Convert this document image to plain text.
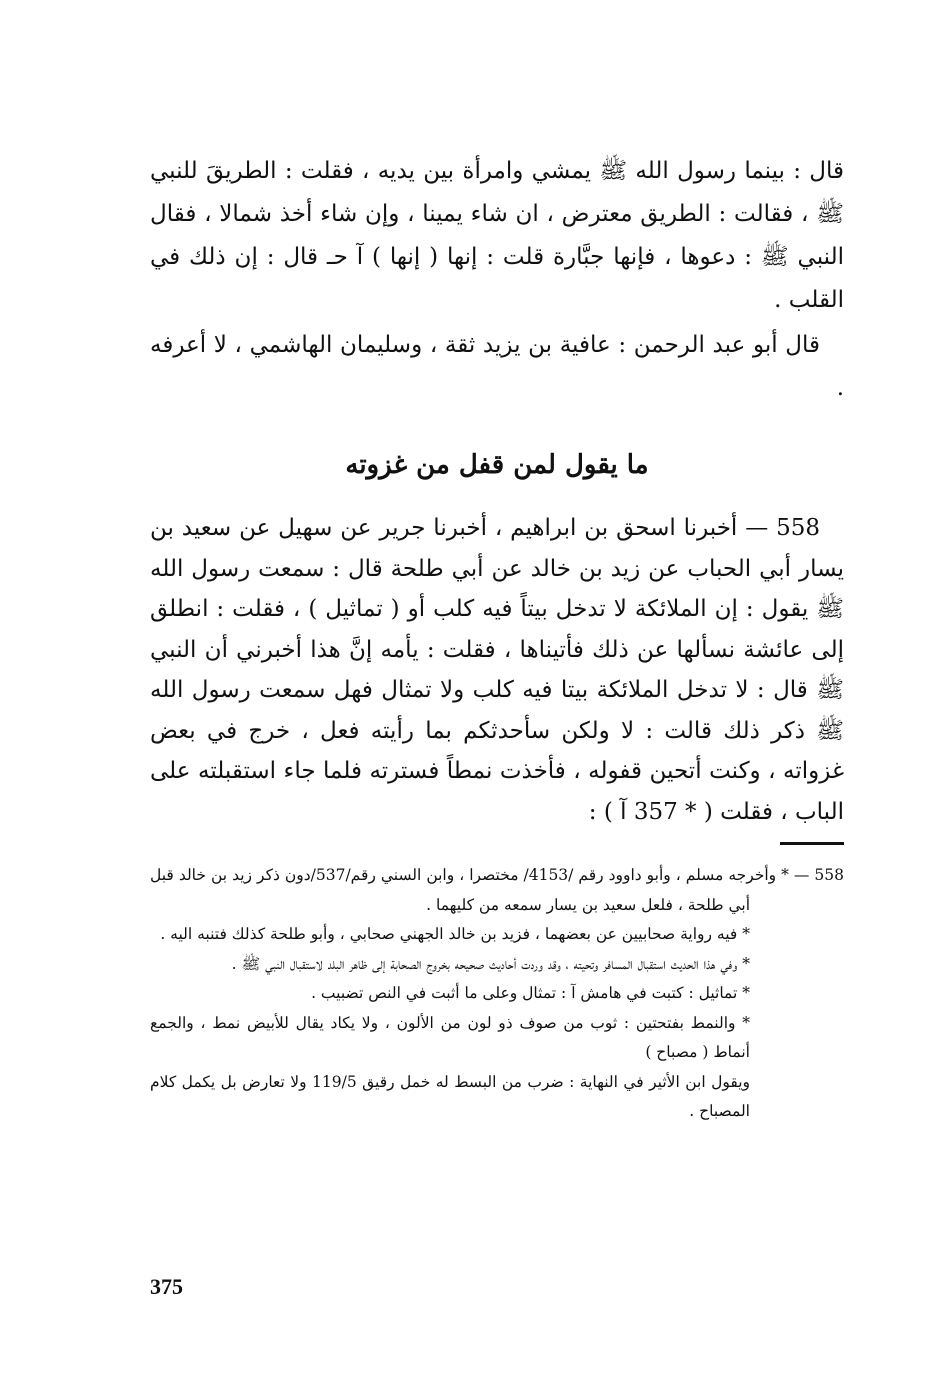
قال : بينما رسول الله ﷺ يمشي وامرأة بين يديه ، فقلت : الطريقَ للنبي ﷺ ، فقالت : الطريق معترض ، ان شاء يمينا ، وإن شاء أخذ شمالا ، فقال النبي ﷺ : دعوها ، فإنها جبَّارة قلت : إنها ( إنها ) آ حـ قال : إن ذلك في القلب .

قال أبو عبد الرحمن : عافية بن يزيد ثقة ، وسليمان الهاشمي ، لا أعرفه .

ما يقول لمن قفل من غزوته

558 — أخبرنا اسحق بن ابراهيم ، أخبرنا جرير عن سهيل عن سعيد بن يسار أبي الحباب عن زيد بن خالد عن أبي طلحة قال : سمعت رسول الله ﷺ يقول : إن الملائكة لا تدخل بيتاً فيه كلب أو ( تماثيل ) ، فقلت : انطلق إلى عائشة نسألها عن ذلك فأتيناها ، فقلت : يأمه إنَّ هذا أخبرني أن النبي ﷺ قال : لا تدخل الملائكة بيتا فيه كلب ولا تمثال فهل سمعت رسول الله ﷺ ذكر ذلك قالت : لا ولكن سأحدثكم بما رأيته فعل ، خرج في بعض غزواته ، وكنت أتحين قفوله ، فأخذت نمطاً فسترته فلما جاء استقبلته على الباب ، فقلت ( * 357 آ ) :

558 — * وأخرجه مسلم ، وأبو داوود رقم /4153/ مختصرا ، وابن السني رقم/537/دون ذكر زيد بن خالد قبل أبي طلحة ، فلعل سعيد بن يسار سمعه من كليهما .

* فيه رواية صحابيين عن بعضهما ، فزيد بن خالد الجهني صحابي ، وأبو طلحة كذلك فتنبه اليه .

* وفي هذا الحديث استقبال المسافر وتحيته ، وقد وردت أحاديث صحيحه بخروج الصحابة إلى ظاهر البلد لاستقبال النبي ﷺ .

* تماثيل : كتبت في هامش آ : تمثال وعلى ما أثبت في النص تضبيب .

* والنمط بفتحتين : ثوب من صوف ذو لون من الألون ، ولا يكاد يقال للأبيض نمط ، والجمع أنماط ( مصباح )

ويقول ابن الأثير في النهاية : ضرب من البسط له خمل رقيق 119/5 ولا تعارض بل يكمل كلام المصباح .

375
